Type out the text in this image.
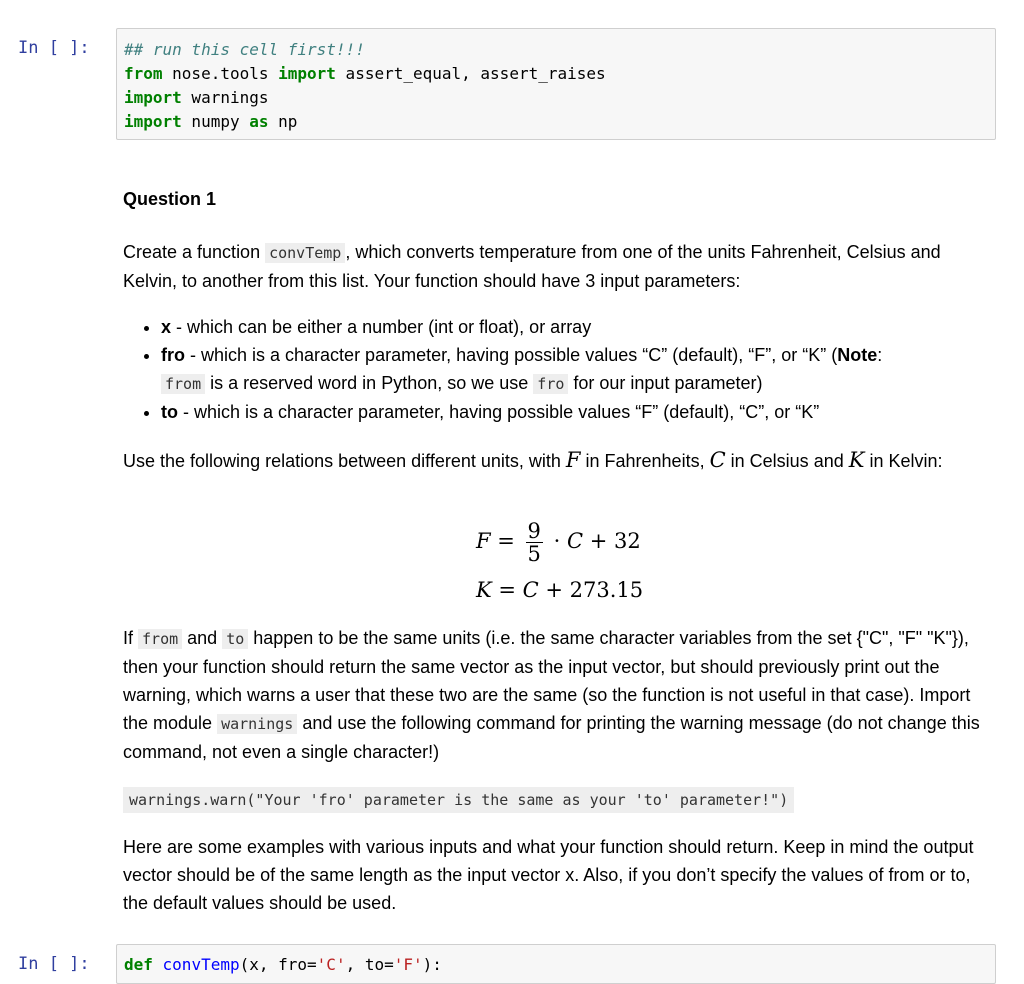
In [ ]:	## run this cell first!!!
from nose.tools import assert_equal, assert_raises
import warnings
import numpy as np
Question 1

Create a function convTemp , which converts temperature from one of the units Fahrenheit, Celsius and Kelvin, to another from this list. Your function should have 3 input parameters:

• x - which can be either a number (int or float), or array
• fro - which is a character parameter, having possible values “C” (default), “F”, or “K” (Note:
from is a reserved word in Python, so we use fro for our input parameter)
• to - which is a character parameter, having possible values “F” (default), “C”, or “K”

Use the following relations between different units, with F in Fahrenheits, C in Celsius and K in Kelvin:

$F = \frac{9}{5} \cdot C + 32$
K = C + 273.15

If from and to happen to be the same units (i.e. the same character variables from the set {"C", "F" "K"}), then your function should return the same vector as the input vector, but should previously print out the warning, which warns a user that these two are the same (so the function is not useful in that case). Import the module warnings and use the following command for printing the warning message (do not change this command, not even a single character!)

warnings.warn("Your 'fro' parameter is the same as your 'to' parameter!")

Here are some examples with various inputs and what your function should return. Keep in mind the output vector should be of the same length as the input vector x. Also, if you don’t specify the values of from or to, the default values should be used.

In [ ]:	def convTemp(x, fro='C', to='F'):
